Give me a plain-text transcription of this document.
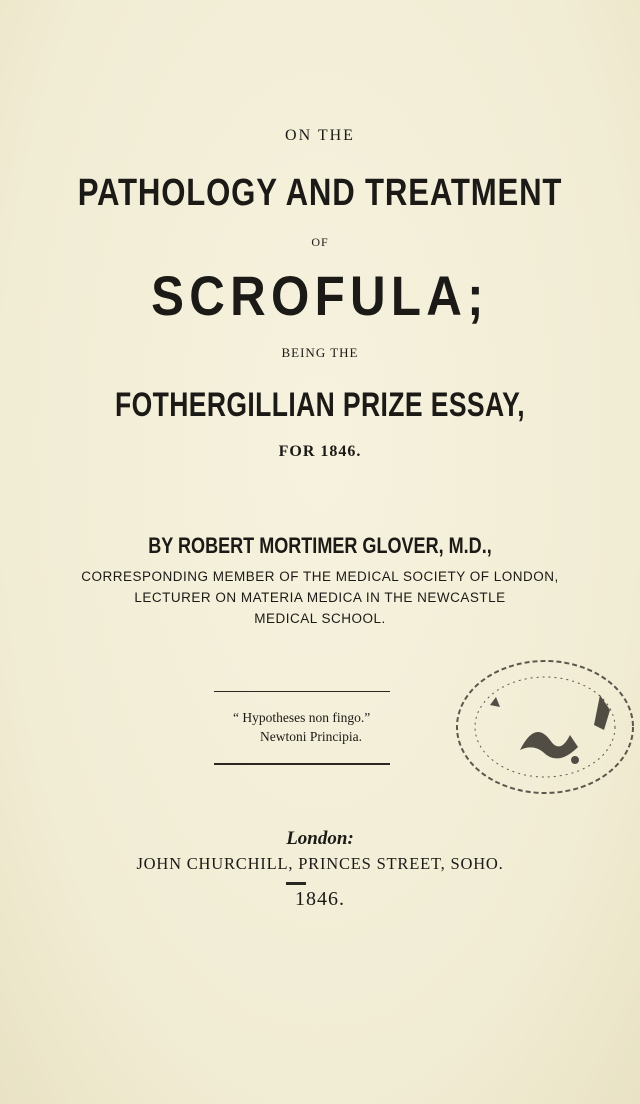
ON THE
PATHOLOGY AND TREATMENT
OF
SCROFULA;
BEING THE
FOTHERGILLIAN PRIZE ESSAY,
FOR 1846.
BY ROBERT MORTIMER GLOVER, M.D.,
CORRESPONDING MEMBER OF THE MEDICAL SOCIETY OF LONDON,
LECTURER ON MATERIA MEDICA IN THE NEWCASTLE
MEDICAL SCHOOL.
“ Hypotheses non fingo.”
Newtoni Principia.
London:
JOHN CHURCHILL, PRINCES STREET, SOHO.
1846.
